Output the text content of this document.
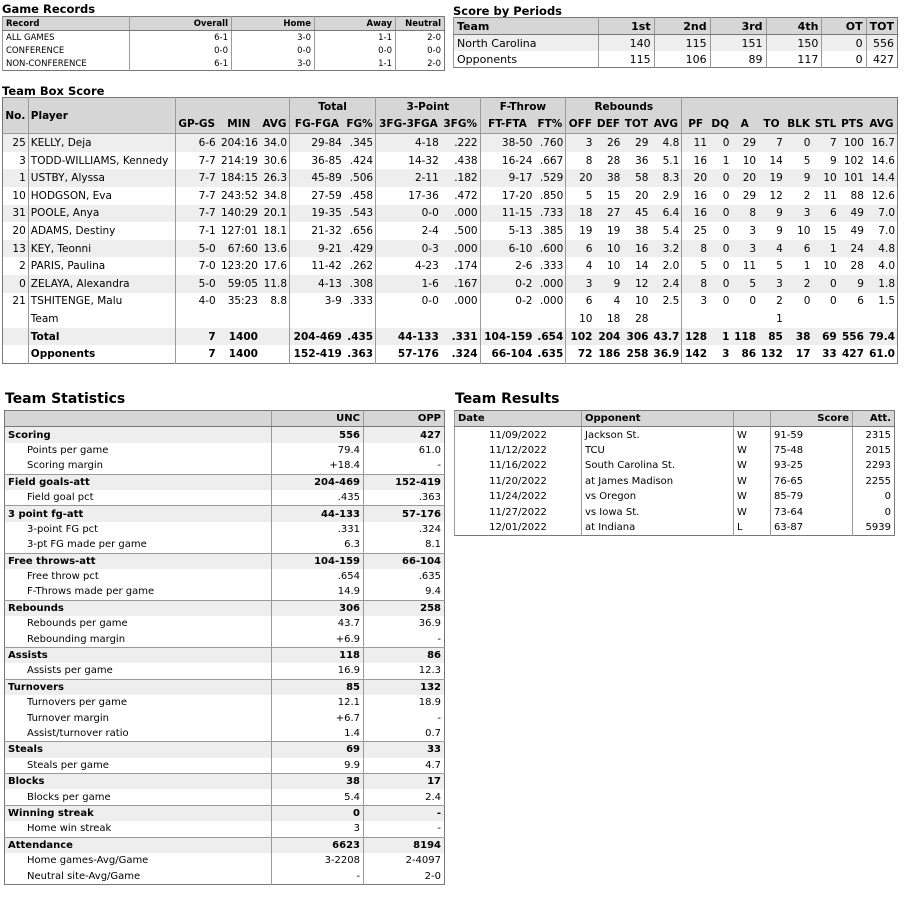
Game Records
Record	Overall	Home	Away	Neutral
ALL GAMES	6-1	3-0	1-1	2-0
CONFERENCE	0-0	0-0	0-0	0-0
NON-CONFERENCE	6-1	3-0	1-1	2-0
Score by Periods
Team	1st	2nd	3rd	4th	OT	TOT
North Carolina	140	115	151	150	0	556
Opponents	115	106	89	117	0	427
Team Box Score
No.	Player				Total		3-Point		F-Throw		Rebounds											
		GP-GS	MIN	AVG	FG-FGA	FG%	3FG-3FGA	3FG%	FT-FTA	FT%	OFF	DEF	TOT	AVG	PF	DQ	A	TO	BLK	STL	PTS	AVG
25	KELLY, Deja	6-6	204:16	34.0	29-84	.345	4-18	.222	38-50	.760	3	26	29	4.8	11	0	29	7	0	7	100	16.7
3	TODD-WILLIAMS, Kennedy	7-7	214:19	30.6	36-85	.424	14-32	.438	16-24	.667	8	28	36	5.1	16	1	10	14	5	9	102	14.6
1	USTBY, Alyssa	7-7	184:15	26.3	45-89	.506	2-11	.182	9-17	.529	20	38	58	8.3	20	0	20	19	9	10	101	14.4
10	HODGSON, Eva	7-7	243:52	34.8	27-59	.458	17-36	.472	17-20	.850	5	15	20	2.9	16	0	29	12	2	11	88	12.6
31	POOLE, Anya	7-7	140:29	20.1	19-35	.543	0-0	.000	11-15	.733	18	27	45	6.4	16	0	8	9	3	6	49	7.0
20	ADAMS, Destiny	7-1	127:01	18.1	21-32	.656	2-4	.500	5-13	.385	19	19	38	5.4	25	0	3	9	10	15	49	7.0
13	KEY, Teonni	5-0	67:60	13.6	9-21	.429	0-3	.000	6-10	.600	6	10	16	3.2	8	0	3	4	6	1	24	4.8
2	PARIS, Paulina	7-0	123:20	17.6	11-42	.262	4-23	.174	2-6	.333	4	10	14	2.0	5	0	11	5	1	10	28	4.0
0	ZELAYA, Alexandra	5-0	59:05	11.8	4-13	.308	1-6	.167	0-2	.000	3	9	12	2.4	8	0	5	3	2	0	9	1.8
21	TSHITENGE, Malu	4-0	35:23	8.8	3-9	.333	0-0	.000	0-2	.000	6	4	10	2.5	3	0	0	2	0	0	6	1.5
	Team										10	18	28					1				
	Total	7	1400		204-469	.435	44-133	.331	104-159	.654	102	204	306	43.7	128	1	118	85	38	69	556	79.4
	Opponents	7	1400		152-419	.363	57-176	.324	66-104	.635	72	186	258	36.9	142	3	86	132	17	33	427	61.0
Team Statistics
	UNC	OPP
Scoring	556	427
Points per game	79.4	61.0
Scoring margin	+18.4	-
Field goals-att	204-469	152-419
Field goal pct	.435	.363
3 point fg-att	44-133	57-176
3-point FG pct	.331	.324
3-pt FG made per game	6.3	8.1
Free throws-att	104-159	66-104
Free throw pct	.654	.635
F-Throws made per game	14.9	9.4
Rebounds	306	258
Rebounds per game	43.7	36.9
Rebounding margin	+6.9	-
Assists	118	86
Assists per game	16.9	12.3
Turnovers	85	132
Turnovers per game	12.1	18.9
Turnover margin	+6.7	-
Assist/turnover ratio	1.4	0.7
Steals	69	33
Steals per game	9.9	4.7
Blocks	38	17
Blocks per game	5.4	2.4
Winning streak	0	-
Home win streak	3	-
Attendance	6623	8194
Home games-Avg/Game	3-2208	2-4097
Neutral site-Avg/Game	-	2-0
Team Results
Date	Opponent		Score	Att.
11/09/2022	Jackson St.	W	91-59	2315
11/12/2022	TCU	W	75-48	2015
11/16/2022	South Carolina St.	W	93-25	2293
11/20/2022	at James Madison	W	76-65	2255
11/24/2022	vs Oregon	W	85-79	0
11/27/2022	vs Iowa St.	W	73-64	0
12/01/2022	at Indiana	L	63-87	5939
